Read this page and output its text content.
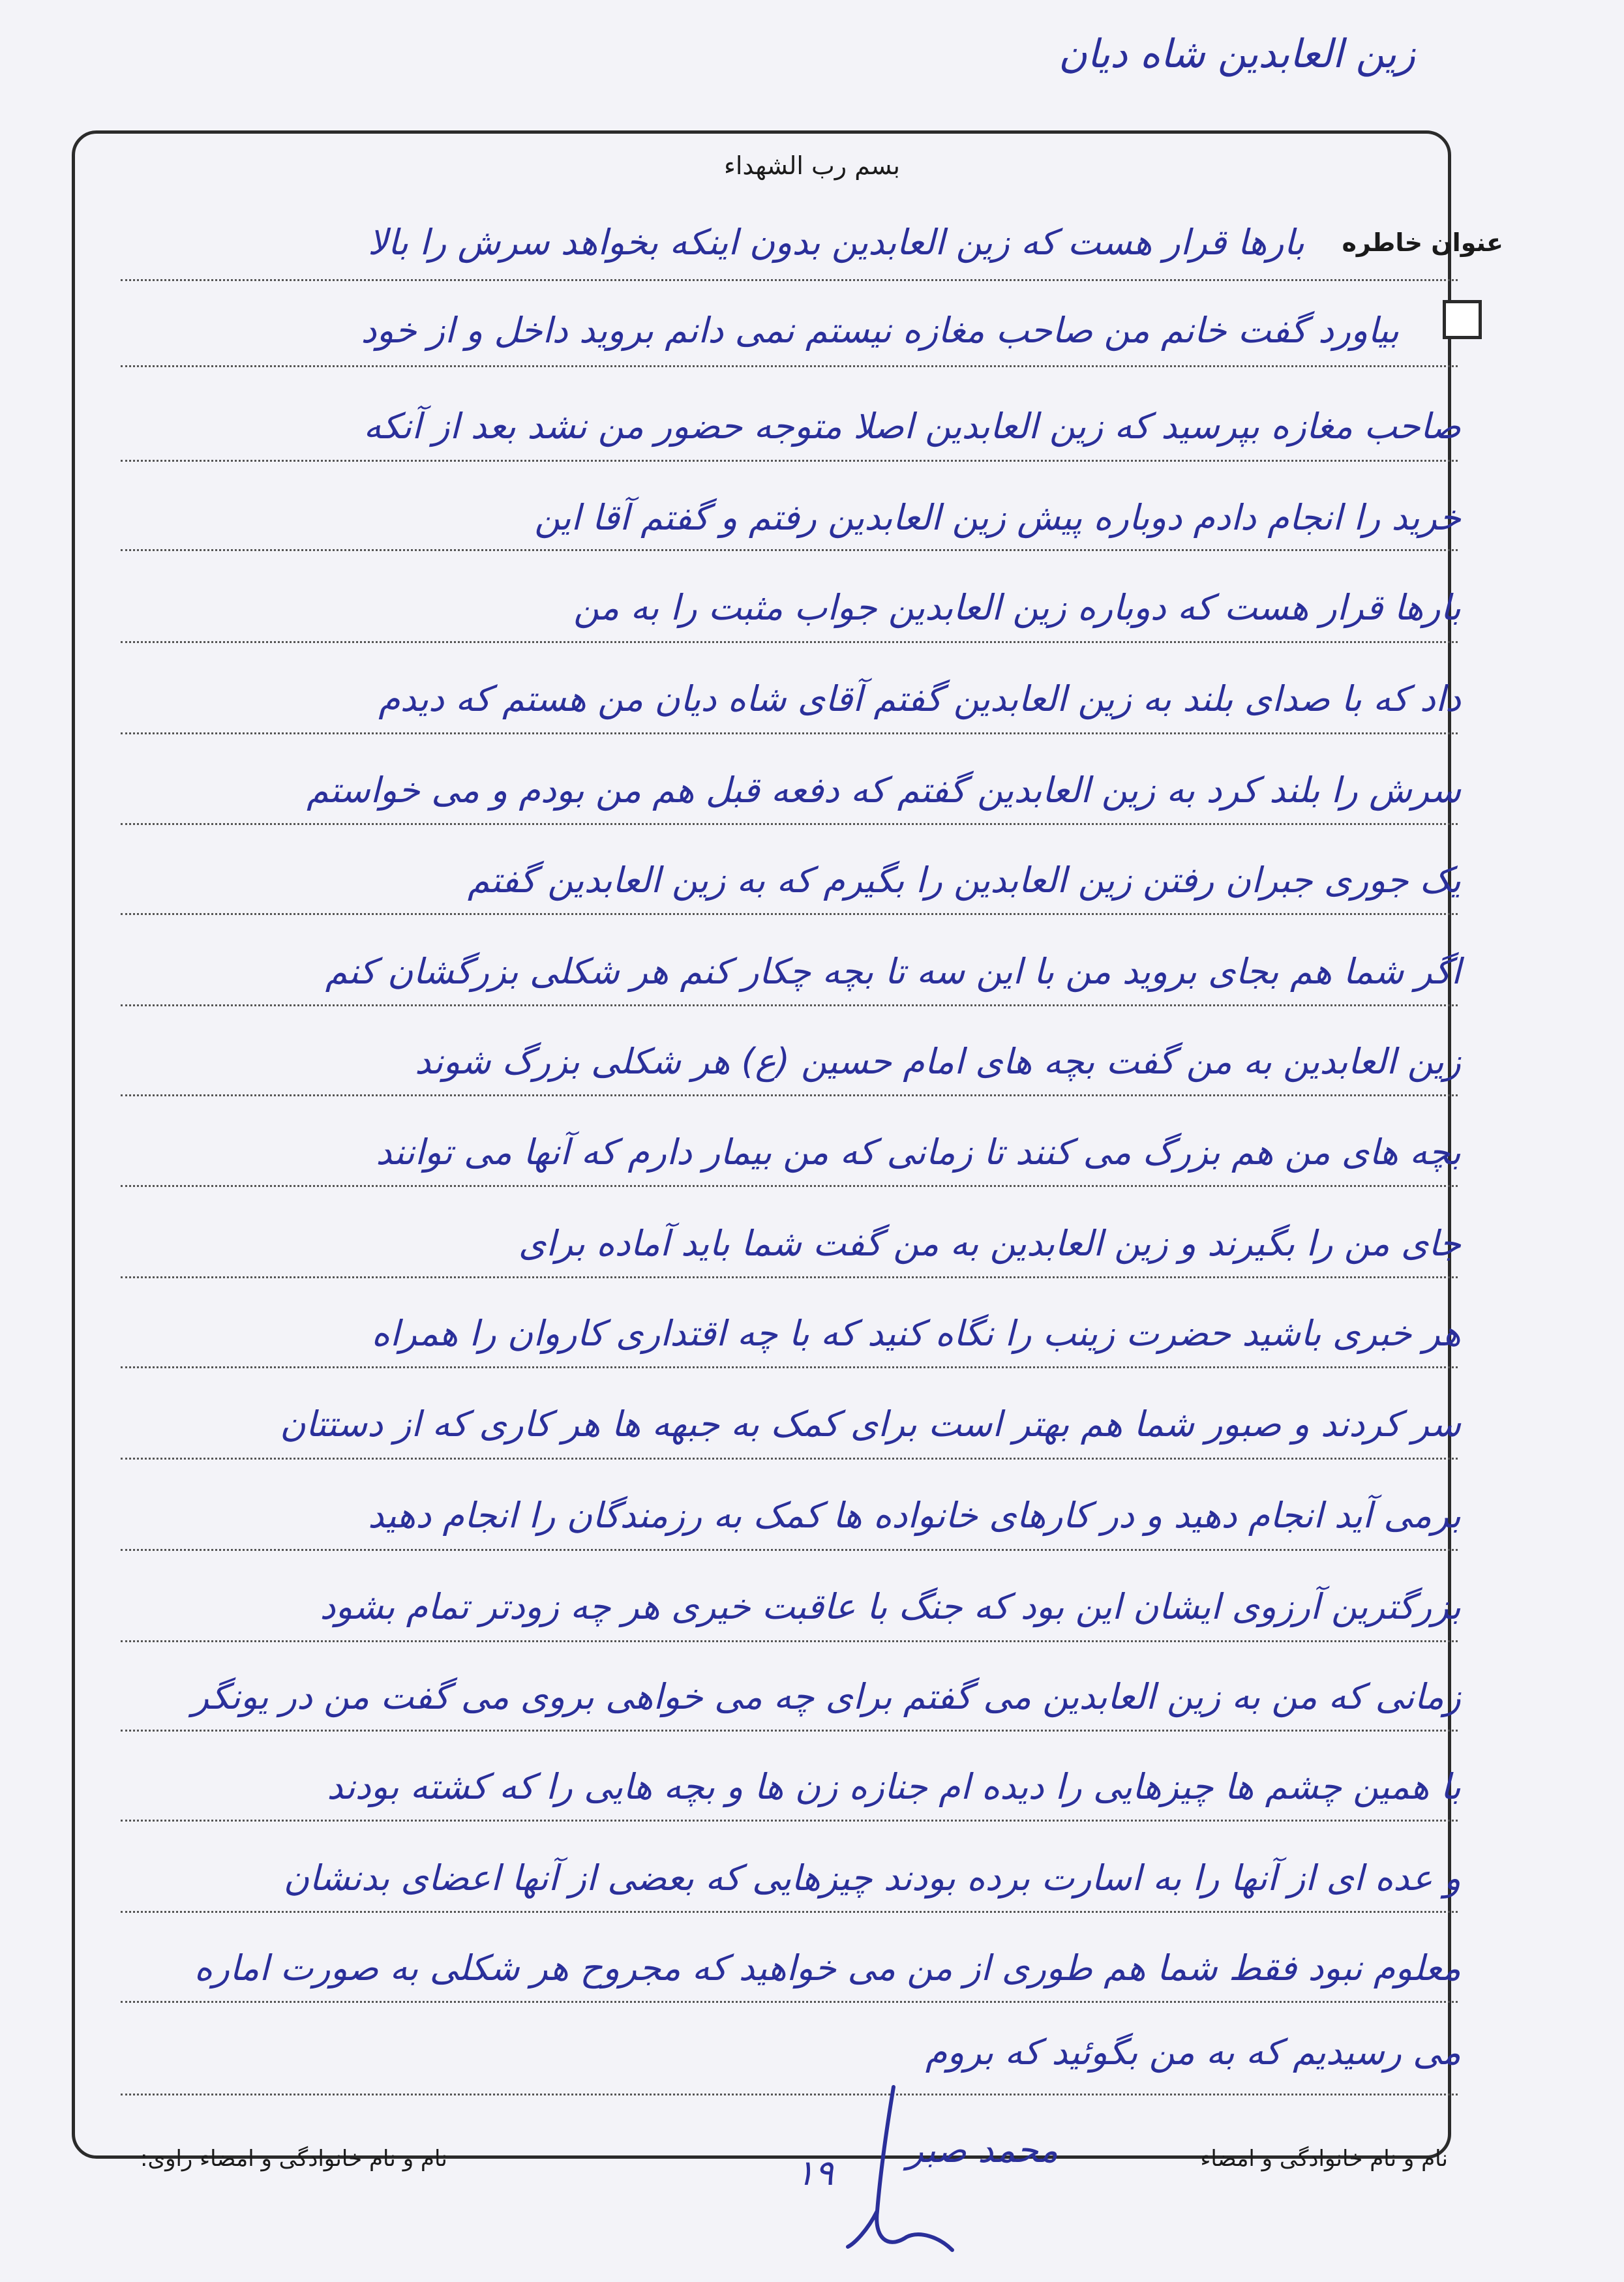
زین العابدین شاه دیان
بسم رب الشهداء
عنوان خاطره
بارها قرار هست که زین العابدین بدون اینکه بخواهد سرش را بالا
بیاورد گفت خانم من صاحب مغازه نیستم نمی دانم بروید داخل و از خود
صاحب مغازه بپرسید که زین العابدین اصلا متوجه حضور من نشد بعد از آنکه
خرید را انجام دادم دوباره پیش زین العابدین رفتم و گفتم آقا این
بارها قرار هست که دوباره زین العابدین جواب مثبت را به من
داد که با صدای بلند به زین العابدین گفتم آقای شاه دیان من هستم که دیدم
سرش را بلند کرد به زین العابدین گفتم که دفعه قبل هم من بودم و می خواستم
یک جوری جبران رفتن زین العابدین را بگیرم که به زین العابدین گفتم
اگر شما هم بجای بروید من با این سه تا بچه چکار کنم هر شکلی بزرگشان کنم
زین العابدین به من گفت بچه های امام حسین (ع) هر شکلی بزرگ شوند
بچه های من هم بزرگ می کنند تا زمانی که من بیمار دارم که آنها می توانند
جای من را بگیرند و زین العابدین به من گفت شما باید آماده برای
هر خبری باشید حضرت زینب را نگاه کنید که با چه اقتداری کاروان را همراه
سر کردند و صبور شما هم بهتر است برای کمک به جبهه ها هر کاری که از دستتان
برمی آید انجام دهید و در کارهای خانواده ها کمک به رزمندگان را انجام دهید
بزرگترین آرزوی ایشان این بود که جنگ با عاقبت خیری هر چه زودتر تمام بشود
زمانی که من به زین العابدین می گفتم برای چه می خواهی بروی می گفت من در یونگر
با همین چشم ها چیزهایی را دیده ام جنازه زن ها و بچه هایی را که کشته بودند
و عده ای از آنها را به اسارت برده بودند چیزهایی که بعضی از آنها اعضای بدنشان
معلوم نبود فقط شما هم طوری از من می خواهید که مجروح هر شکلی به صورت اماره
می رسیدیم که به من بگوئید که بروم
نام و نام خانوادگی و امضاء
محمد صبر
۱۹
نام و نام خانوادگی و امضاء راوی:
